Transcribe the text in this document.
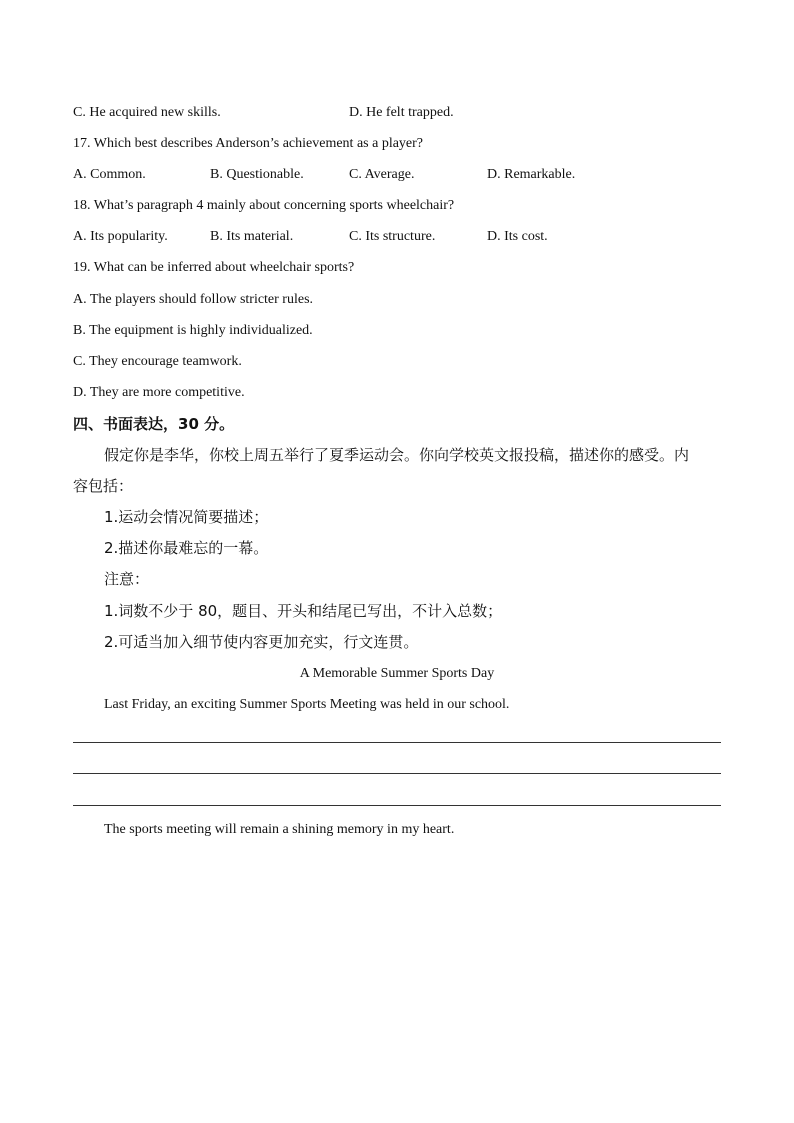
C. He acquired new skills.	D. He felt trapped.
17. Which best describes Anderson’s achievement as a player?
A. Common.	B. Questionable.	C. Average.	D. Remarkable.
18. What’s paragraph 4 mainly about concerning sports wheelchair?
A. Its popularity.	B. Its material.	C. Its structure.	D. Its cost.
19. What can be inferred about wheelchair sports?
A. The players should follow stricter rules.
B. The equipment is highly individualized.
C. They encourage teamwork.
D. They are more competitive.
四、书面表达，30 分。
假定你是李华，你校上周五举行了夏季运动会。你向学校英文报投稿，描述你的感受。内
容包括：
1.运动会情况简要描述；
2.描述你最难忘的一幕。
注意：
1.词数不少于 80，题目、开头和结尾已写出，不计入总数；
2.可适当加入细节使内容更加充实，行文连贯。
A Memorable Summer Sports Day
Last Friday, an exciting Summer Sports Meeting was held in our school.
The sports meeting will remain a shining memory in my heart.
